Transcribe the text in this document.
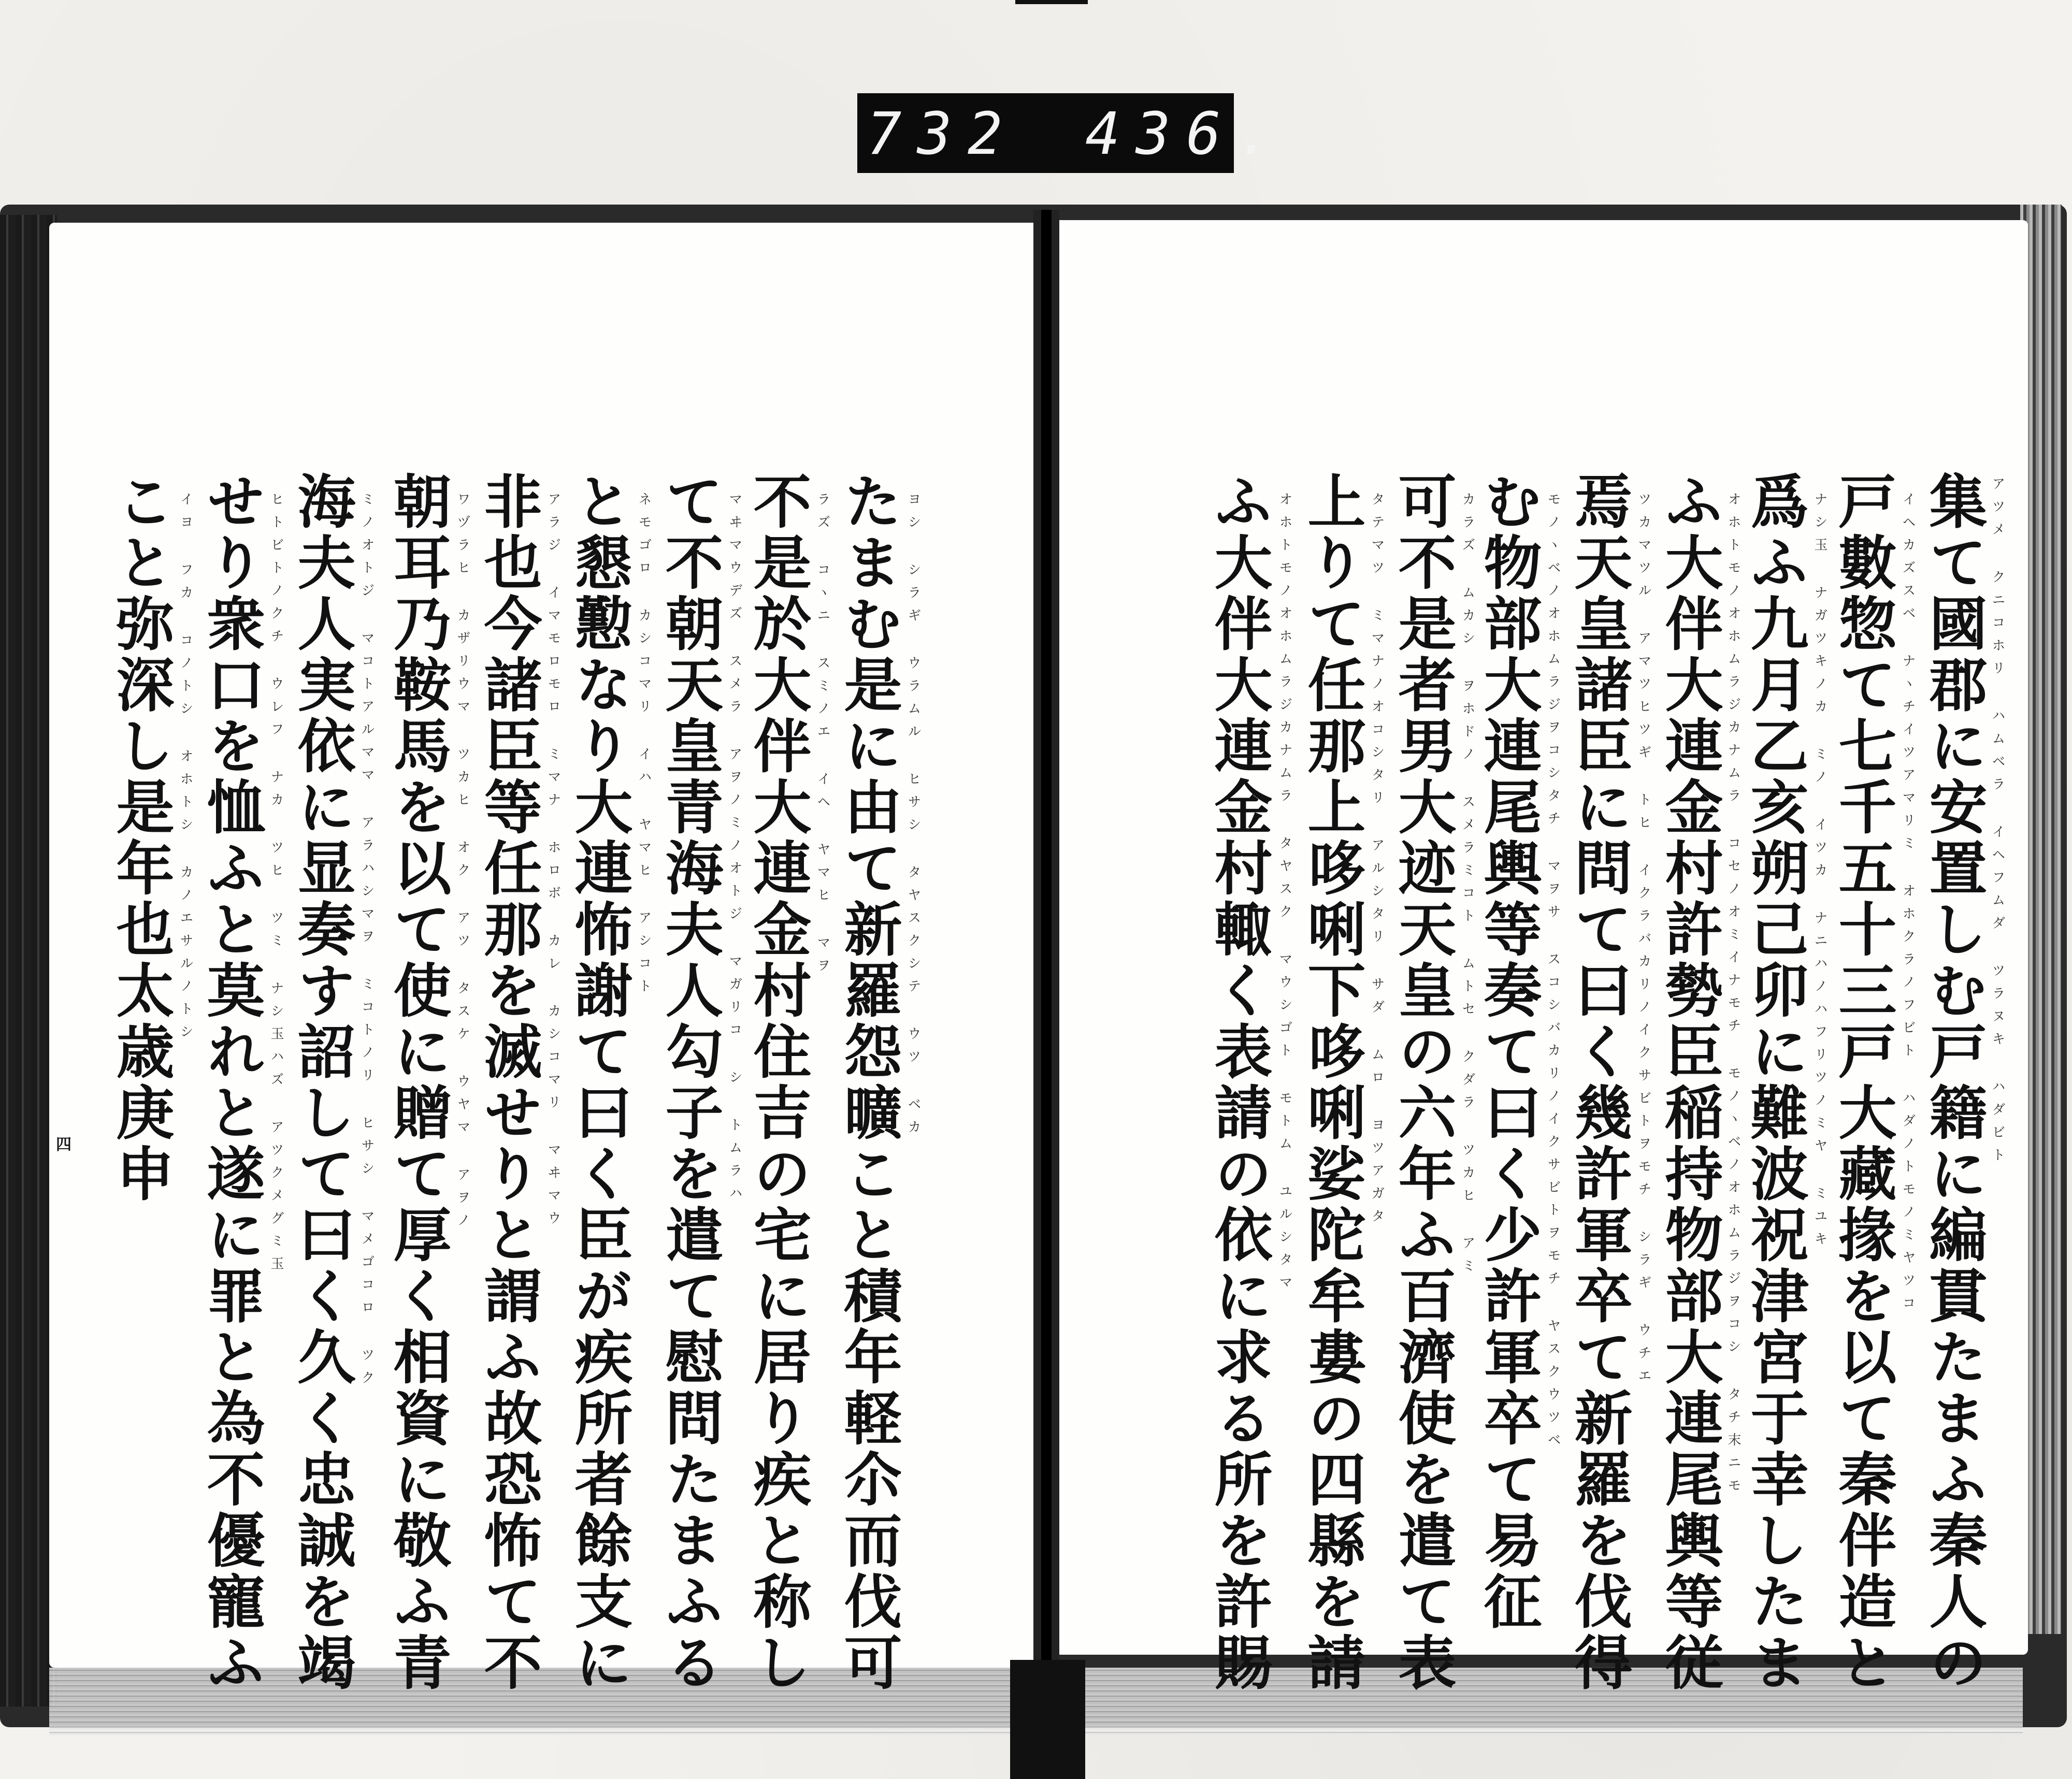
732 436.
集て國郡に安置しむ戸籍に編貫たまふ秦人の
戸數惣て七千五十三戸大藏掾を以て秦伴造と
爲ふ九月乙亥朔己卯に難波祝津宮于幸したま
ふ大伴大連金村許勢臣稲持物部大連尾輿等従
焉天皇諸臣に問て曰く幾許軍卒て新羅を伐得
む物部大連尾輿等奏て曰く少許軍卒て易征
可不是者男大迹天皇の六年ふ百濟使を遣て表
上りて任那上哆唎下哆唎娑陀牟婁の四縣を請
ふ大伴大連金村輙く表請の依に求る所を許賜	アツメ クニコホリ ハムベラ イヘフムダ ツラヌキ ハダビト
イヘカズスベ ナヽチイツアマリミ オホクラノフビト ハダノトモノミヤツコ
ナシ玉 ナガツキノカ ミノ イツカ ナニハノハフリツノミヤ ミユキ
オホトモノオホムラジカナムラ コセノオミイナモチ モノヽベノオホムラジヲコシ タチ末ニモ
ツカマツル アマツヒツギ トヒ イクラバカリノイクサビトヲモチ シラギ ウチエ
モノヽベノオホムラジヲコシタチ マヲサ スコシバカリノイクサビトヲモチ ヤスクウツベ
カラズ ムカシ ヲホドノ スメラミコト ムトセ クダラ ツカヒ アミ
タテマツ ミマナノオコシタリ アルシタリ サダ ムロ ヨツアガタ
オホトモノオホムラジカナムラ タヤスク マウシゴト モトム ユルシタマ
たまむ是に由て新羅怨曠こと積年軽尒而伐可
不是於大伴大連金村住吉の宅に居り疾と称し
て不朝天皇青海夫人勾子を遣て慰問たまふる
と懇懃なり大連怖謝て曰く臣が疾所者餘支に
非也今諸臣等任那を滅せりと謂ふ故恐怖て不
朝耳乃鞍馬を以て使に贈て厚く相資に敬ふ青
海夫人実依に显奏す詔して曰く久く忠誠を竭
せり衆口を恤ふと莫れと遂に罪と為不優寵ふ
こと弥深し是年也太歳庚申	ヨシ シラギ ウラムル ヒサシ タヤスクシテ ウツ ベカ
ラズ コヽニ スミノエ イヘ ヤマヒ マヲ
マヰマウデズ スメラ アヲノミノオトジ マガリコ シ トムラハ
ネモゴロ カシコマリ イハ ヤマヒ アシコト
アラジ イマモロモロ ミマナ ホロボ カレ カシコマリ マヰマウ
ワヅラヒ カザリウマ ツカヒ オク アツ タスケ ウヤマ アヲノ
ミノオトジ マコトアルママ アラハシマヲ ミコトノリ ヒサシ マメゴコロ ツク
ヒトビトノクチ ウレフ ナカ ツヒ ツミ ナシ玉ハズ アツクメグミ玉
イヨ フカ コノトシ オホトシ カノエサルノトシ
四
